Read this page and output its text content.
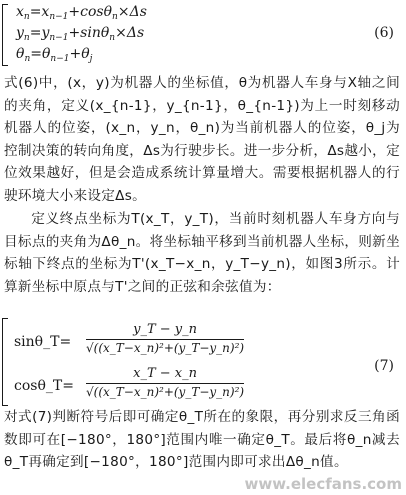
$x_n=x_{n-1}+\cos\theta_n\times\Delta s$
$y_n=y_{n-1}+\sin\theta_n\times\Delta s$
$\theta_n=\theta_{n-1}+\theta_j$
(6)
式(6)中，(x，y)为机器人的坐标值，θ为机器人车身与X轴之间的夹角，定义(x_{n-1}，y_{n-1}，θ_{n-1})为上一时刻移动机器人的位姿，(x_n，y_n，θ_n)为当前机器人的位姿，θ_j为控制决策的转向角度，Δs为行驶步长。进一步分析，Δs越小，定位效果越好，但是会造成系统计算量增大。需要根据机器人的行驶环境大小来设定Δs。
定义终点坐标为T(x_T，y_T)，当前时刻机器人车身方向与目标点的夹角为Δθ_n。将坐标轴平移到当前机器人坐标，则新坐标轴下终点的坐标为T'(x_T−x_n，y_T−y_n)，如图3所示。计算新坐标中原点与T'之间的正弦和余弦值为：
sinθ_T=
y_T − y_n
√((x_T−x_n)²+(y_T−y_n)²)
cosθ_T=
x_T − x_n
√((x_T−x_n)²+(y_T−y_n)²)
(7)
对式(7)判断符号后即可确定θ_T所在的象限，再分别求反三角函数即可在[−180°，180°]范围内唯一确定θ_T。最后将θ_n减去θ_T再确定到[−180°，180°]范围内即可求出Δθ_n值。
www.elecfans.com
